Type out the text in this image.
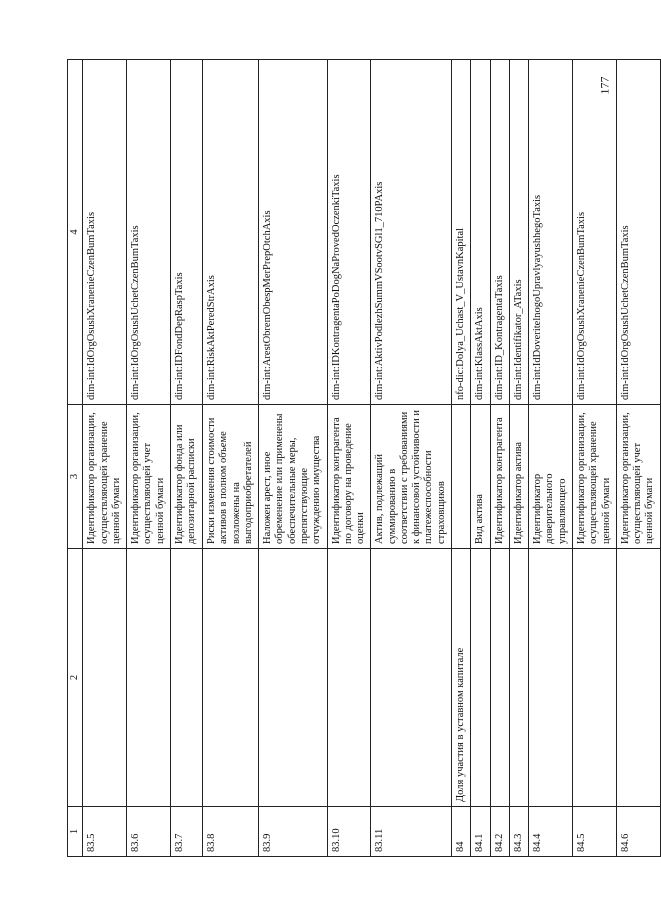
177
1	2	3	4
83.5		Идентификатор организации, осуществляющей хранение ценной бумаги	dim-int:IdOrgOsushXranenieCzenBumTaxis
83.6		Идентификатор организации, осуществляющей учет ценной бумаги	dim-int:IdOrgOsushUchetCzenBumTaxis
83.7		Идентификатор фонда или депозитарной расписки	dim-int:IDFondDepRaspTaxis
83.8		Риски изменения стоимости активов в полном объеме возложены на выгодоприобретателей	dim-int:RiskAktPeredStrAxis
83.9		Наложен арест, иное обременение или применены обеспечительные меры, препятствующие отчуждению имущества	dim-int:ArestObremObespMerPrepOtchAxis
83.10		Идентификатор контрагента по договору на проведение оценки	dim-int:IDKontragentaPoDogNaProvedOczenkiTaxis
83.11		Актив, подлежащий суммированию в соответствии с требованиями к финансовой устойчивости и платежеспособности страховщиков	dim-int:AktivPodlezhSummVSootvSGl1_710PAxis
84	Доля участия в уставном капитале		nfo-dic:Dolya_Uchast_V_UstavnKapital
84.1		Вид актива	dim-int:KlassAktAxis
84.2		Идентификатор контрагента	dim-int:ID_KontragentaTaxis
84.3		Идентификатор актива	dim-int:Identifikator_ATaxis
84.4		Идентификатор доверительного управляющего	dim-int:IdDoveritelnogoUpravlyayushhegoTaxis
84.5		Идентификатор организации, осуществляющей хранение ценной бумаги	dim-int:IdOrgOsushXranenieCzenBumTaxis
84.6		Идентификатор организации, осуществляющей учет ценной бумаги	dim-int:IdOrgOsushUchetCzenBumTaxis
